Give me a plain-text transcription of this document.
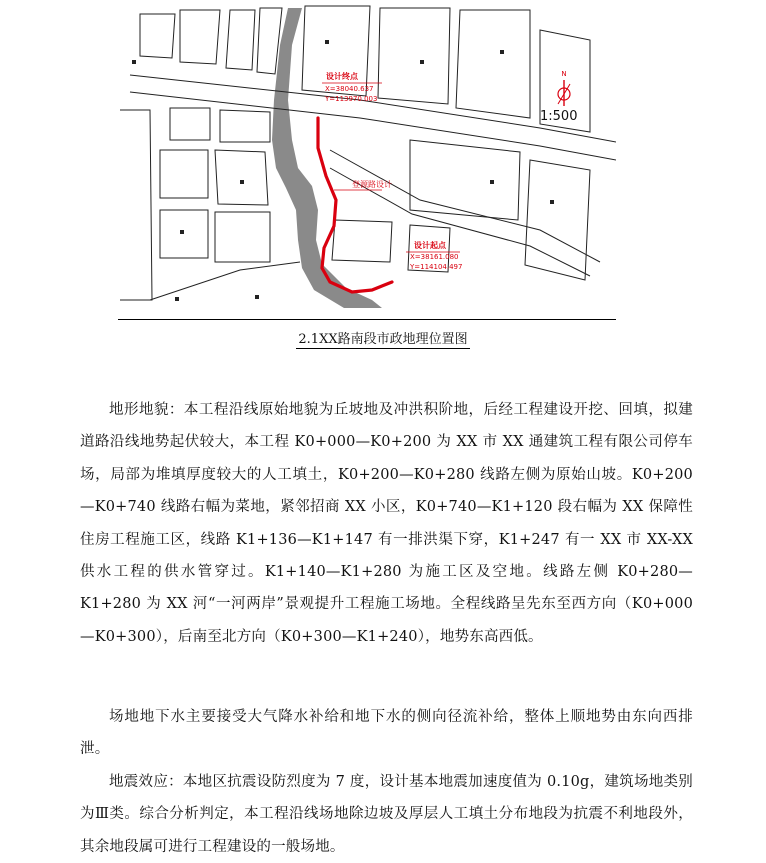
设计终点
X=38040.637
Y=113970.003
登源路设计
设计起点
X=38161.080
Y=114104.497
N
1:500
2.1XX路南段市政地理位置图

地形地貌：本工程沿线原始地貌为丘坡地及冲洪积阶地，后经工程建设开挖、回填，拟建道路沿线地势起伏较大，本工程 K0+000—K0+200 为 XX 市 XX 通建筑工程有限公司停车场，局部为堆填厚度较大的人工填土，K0+200—K0+280 线路左侧为原始山坡。K0+200—K0+740 线路右幅为菜地，紧邻招商 XX 小区，K0+740—K1+120 段右幅为 XX 保障性住房工程施工区，线路 K1+136—K1+147 有一排洪渠下穿，K1+247 有一 XX 市 XX-XX 供水工程的供水管穿过。K1+140—K1+280 为施工区及空地。线路左侧 K0+280—K1+280 为 XX 河“一河两岸”景观提升工程施工场地。全程线路呈先东至西方向（K0+000—K0+300），后南至北方向（K0+300—K1+240），地势东高西低。

场地地下水主要接受大气降水补给和地下水的侧向径流补给，整体上顺地势由东向西排泄。

地震效应：本地区抗震设防烈度为 7 度，设计基本地震加速度值为 0.10g，建筑场地类别为Ⅲ类。综合分析判定，本工程沿线场地除边坡及厚层人工填土分布地段为抗震不利地段外，其余地段属可进行工程建设的一般场地。
